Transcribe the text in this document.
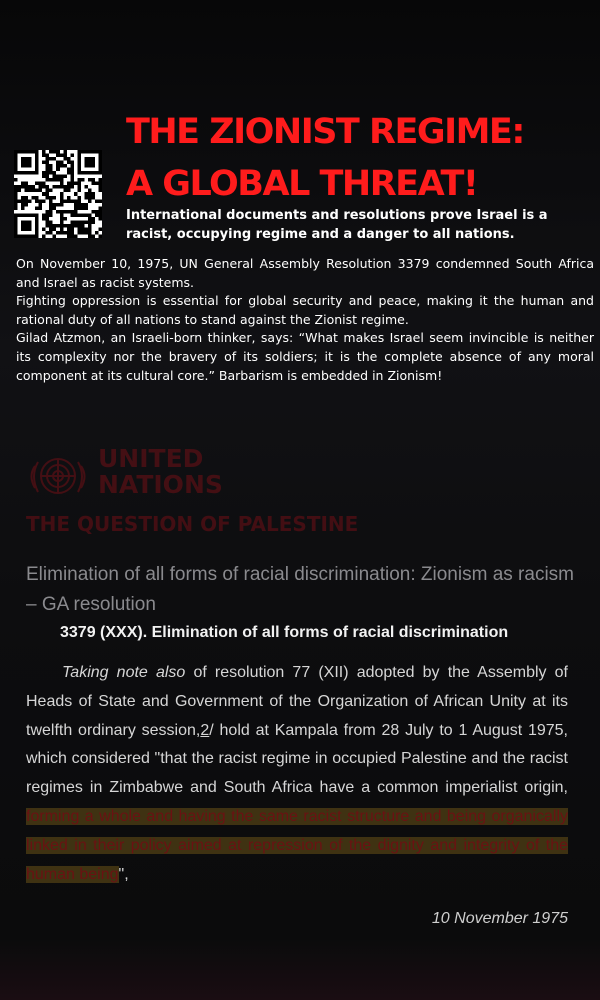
THE ZIONIST REGIME:
A GLOBAL THREAT!

International documents and resolutions prove Israel is a racist, occupying regime and a danger to all nations.

On November 10, 1975, UN General Assembly Resolution 3379 condemned South Africa and Israel as racist systems.

Fighting oppression is essential for global security and peace, making it the human and rational duty of all nations to stand against the Zionist regime.

Gilad Atzmon, an Israeli-born thinker, says: “What makes Israel seem invincible is neither its complexity nor the bravery of its soldiers; it is the complete absence of any moral component at its cultural core.” Barbarism is embedded in Zionism!

UNITED
NATIONS

THE QUESTION OF PALESTINE

Elimination of all forms of racial discrimination: Zionism as racism – GA resolution

3379 (XXX). Elimination of all forms of racial discrimination

Taking note also of resolution 77 (XII) adopted by the Assembly of Heads of State and Government of the Organization of African Unity at its twelfth ordinary session,2/ hold at Kampala from 28 July to 1 August 1975, which considered "that the racist regime in occupied Palestine and the racist regimes in Zimbabwe and South Africa have a common imperialist origin, forming a whole and having the same racist structure and being organically linked in their policy aimed at repression of the dignity and integrity of the human being",

10 November 1975
